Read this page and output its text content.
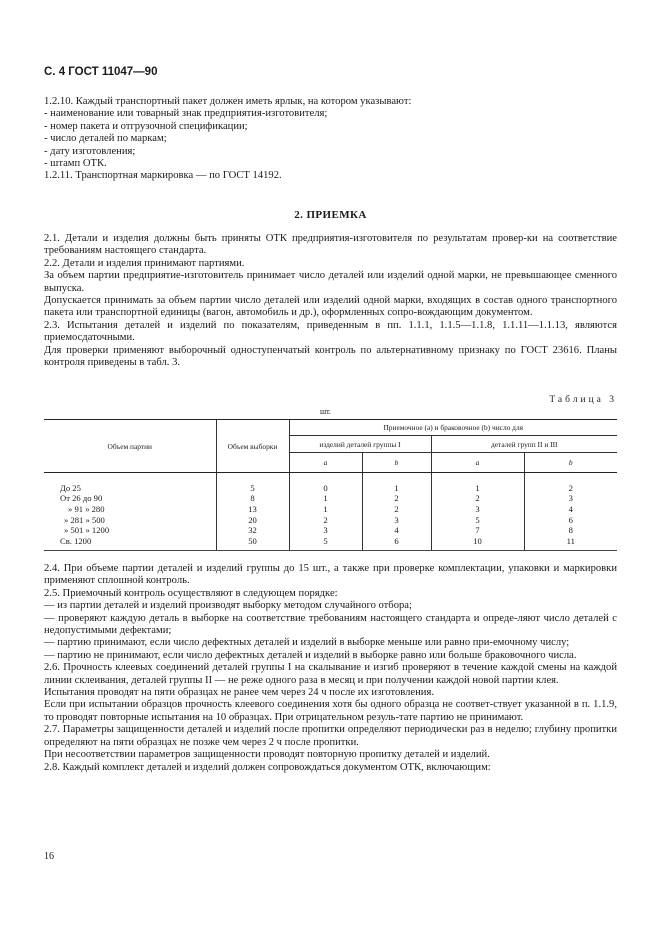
С. 4 ГОСТ 11047—90

1.2.10. Каждый транспортный пакет должен иметь ярлык, на котором указывают:

- наименование или товарный знак предприятия-изготовителя;

- номер пакета и отгрузочной спецификации;

- число деталей по маркам;

- дату изготовления;

- штамп ОТК.

1.2.11. Транспортная маркировка — по ГОСТ 14192.

2. ПРИЕМКА

2.1. Детали и изделия должны быть приняты ОТК предприятия-изготовителя по результатам провер-ки на соответствие требованиям настоящего стандарта.

2.2. Детали и изделия принимают партиями.

За объем партии предприятие-изготовитель принимает число деталей или изделий одной марки, не превышающее сменного выпуска.

Допускается принимать за объем партии число деталей или изделий одной марки, входящих в состав одного транспортного пакета или транспортной единицы (вагон, автомобиль и др.), оформленных сопро-вождающим документом.

2.3. Испытания деталей и изделий по показателям, приведенным в пп. 1.1.1, 1.1.5—1.1.8, 1.1.11—1.1.13, являются приемосдаточными.

Для проверки применяют выборочный одноступенчатый контроль по альтернативному признаку по ГОСТ 23616. Планы контроля приведены в табл. 3.

Таблица 3
шт.
Объем партии	Объем выборки	Приемочное (а) и браковочное (b) число для			
		изделий деталей группы I		деталей групп II и III	
		a	b	a	b

До 25	5	0	1	1	2
От 26 до 90	8	1	2	2	3
» 91 » 280	13	1	2	3	4
» 281 » 500	20	2	3	5	6
» 501 » 1200	32	3	4	7	8
Св. 1200	50	5	6	10	11

2.4. При объеме партии деталей и изделий группы до 15 шт., а также при проверке комплектации, упаковки и маркировки применяют сплошной контроль.

2.5. Приемочный контроль осуществляют в следующем порядке:

— из партии деталей и изделий производят выборку методом случайного отбора;

— проверяют каждую деталь в выборке на соответствие требованиям настоящего стандарта и опреде-ляют число деталей с недопустимыми дефектами;

— партию принимают, если число дефектных деталей и изделий в выборке меньше или равно при-емочному числу;

— партию не принимают, если число дефектных деталей и изделий в выборке равно или больше браковочного числа.

2.6. Прочность клеевых соединений деталей группы I на скалывание и изгиб проверяют в течение каждой смены на каждой линии склеивания, деталей группы II — не реже одного раза в месяц и при получении каждой новой партии клея.

Испытания проводят на пяти образцах не ранее чем через 24 ч после их изготовления.

Если при испытании образцов прочность клеевого соединения хотя бы одного образца не соответ-ствует указанной в п. 1.1.9, то проводят повторные испытания на 10 образцах. При отрицательном резуль-тате партию не принимают.

2.7. Параметры защищенности деталей и изделий после пропитки определяют периодически раз в неделю; глубину пропитки определяют на пяти образцах не позже чем через 2 ч после пропитки.

При несоответствии параметров защищенности проводят повторную пропитку деталей и изделий.

2.8. Каждый комплект деталей и изделий должен сопровождаться документом ОТК, включающим:

16
